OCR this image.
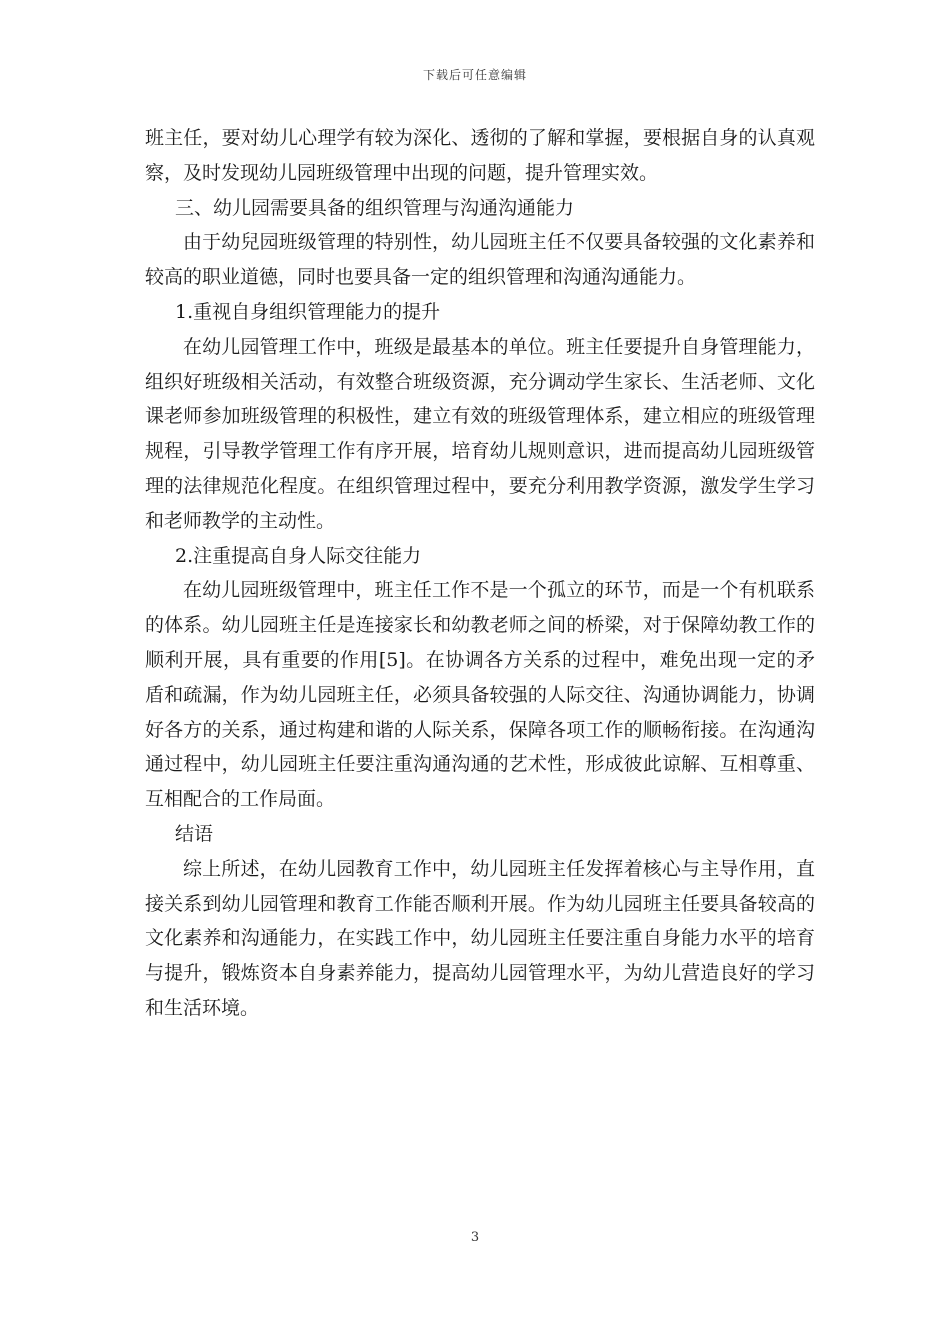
下载后可任意编辑

班主任，要对幼儿心理学有较为深化、透彻的了解和掌握，要根据自身的认真观察，及时发现幼儿园班级管理中出现的问题，提升管理实效。

三、幼儿园需要具备的组织管理与沟通沟通能力

由于幼兒园班级管理的特别性，幼儿园班主任不仅要具备较强的文化素养和较高的职业道德，同时也要具备一定的组织管理和沟通沟通能力。

1.重视自身组织管理能力的提升

在幼儿园管理工作中，班级是最基本的单位。班主任要提升自身管理能力，组织好班级相关活动，有效整合班级资源，充分调动学生家长、生活老师、文化课老师参加班级管理的积极性，建立有效的班级管理体系，建立相应的班级管理规程，引导教学管理工作有序开展，培育幼儿规则意识，进而提高幼儿园班级管理的法律规范化程度。在组织管理过程中，要充分利用教学资源，激发学生学习和老师教学的主动性。

2.注重提高自身人际交往能力

在幼儿园班级管理中，班主任工作不是一个孤立的环节，而是一个有机联系的体系。幼儿园班主任是连接家长和幼教老师之间的桥梁，对于保障幼教工作的顺利开展，具有重要的作用[5]。在协调各方关系的过程中，难免出现一定的矛盾和疏漏，作为幼儿园班主任，必须具备较强的人际交往、沟通协调能力，协调好各方的关系，通过构建和谐的人际关系，保障各项工作的顺畅衔接。在沟通沟通过程中，幼儿园班主任要注重沟通沟通的艺术性，形成彼此谅解、互相尊重、互相配合的工作局面。

结语

综上所述，在幼儿园教育工作中，幼儿园班主任发挥着核心与主导作用，直接关系到幼儿园管理和教育工作能否顺利开展。作为幼儿园班主任要具备较高的文化素养和沟通能力，在实践工作中，幼儿园班主任要注重自身能力水平的培育与提升，锻炼资本自身素养能力，提高幼儿园管理水平，为幼儿营造良好的学习和生活环境。

3
